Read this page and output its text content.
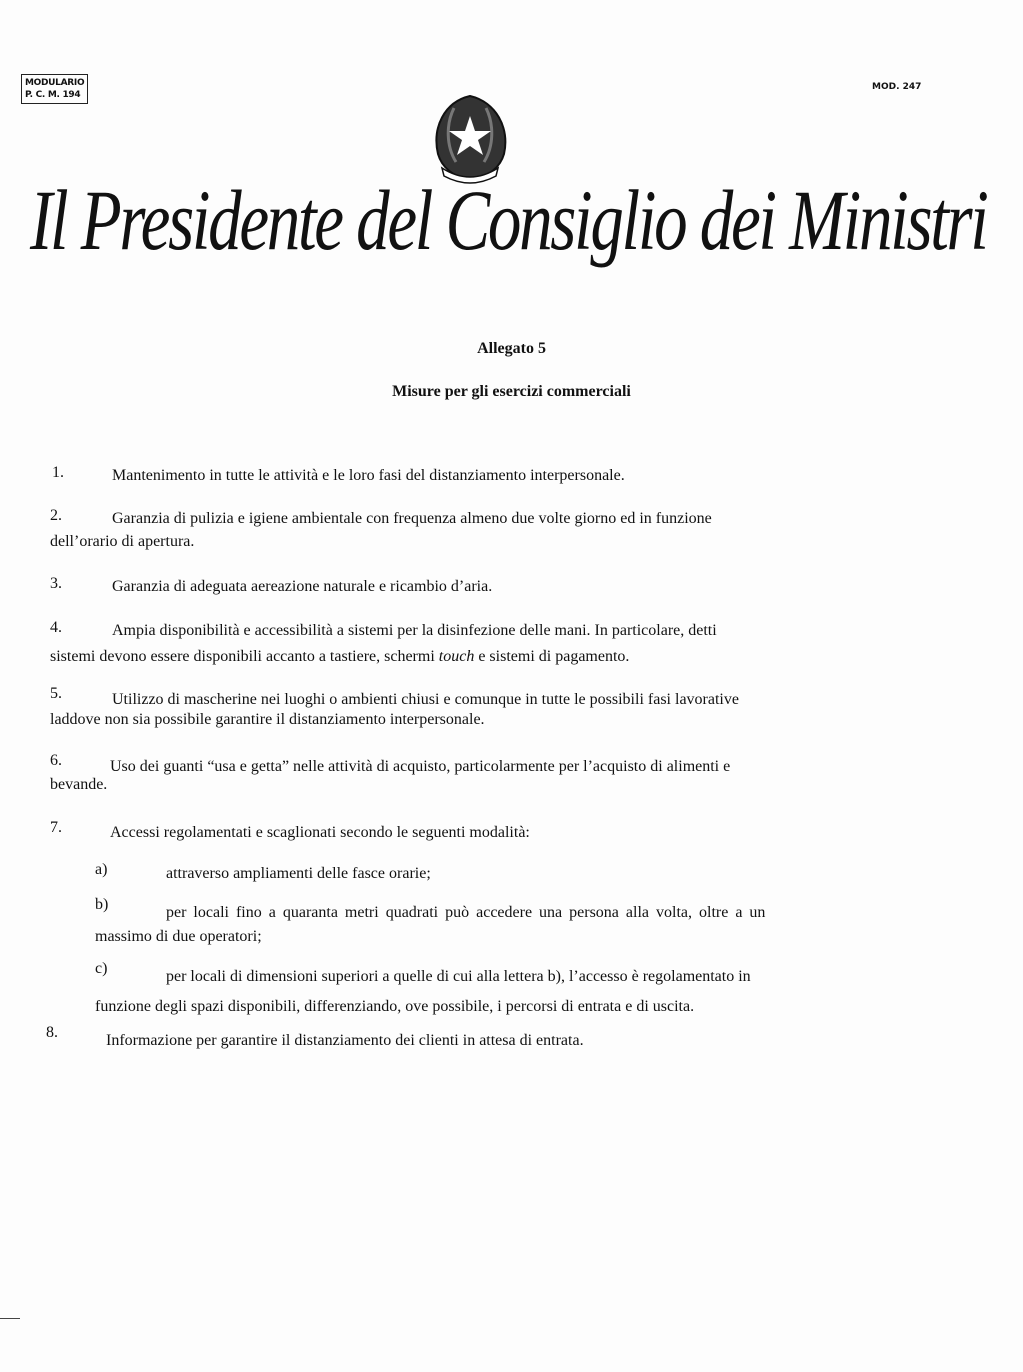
MODULARIO
P. C. M. 194
MOD. 247
Il Presidente del Consiglio dei Ministri
Allegato 5
Misure per gli esercizi commerciali
1.	Mantenimento in tutte le attività e le loro fasi del distanziamento interpersonale.
2.	Garanzia di pulizia e igiene ambientale con frequenza almeno due volte giorno ed in funzione
dell’orario di apertura.
3.	Garanzia di adeguata aereazione naturale e ricambio d’aria.
4.	Ampia disponibilità e accessibilità a sistemi per la disinfezione delle mani. In particolare, detti
sistemi devono essere disponibili accanto a tastiere, schermi touch e sistemi di pagamento.
5.	Utilizzo di mascherine nei luoghi o ambienti chiusi e comunque in tutte le possibili fasi lavorative
laddove non sia possibile garantire il distanziamento interpersonale.
6.	Uso dei guanti “usa e getta” nelle attività di acquisto, particolarmente per l’acquisto di alimenti e
bevande.
7.	Accessi regolamentati e scaglionati secondo le seguenti modalità:
a)	attraverso ampliamenti delle fasce orarie;
b)	per locali fino a quaranta metri quadrati può accedere una persona alla volta, oltre a un
massimo di due operatori;
c)	per locali di dimensioni superiori a quelle di cui alla lettera b), l’accesso è regolamentato in
funzione degli spazi disponibili, differenziando, ove possibile, i percorsi di entrata e di uscita.
8.	Informazione per garantire il distanziamento dei clienti in attesa di entrata.
